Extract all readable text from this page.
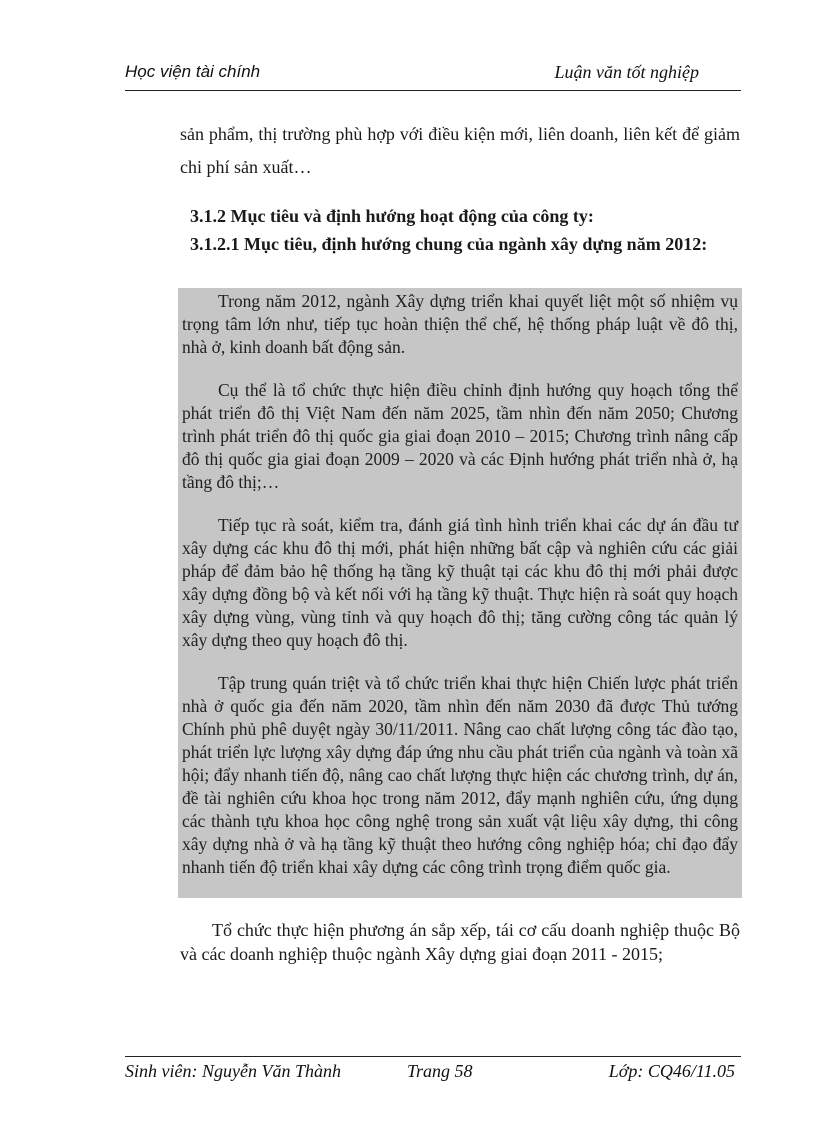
Học viện tài chính	Luận văn tốt nghiệp

sản phẩm, thị trường phù hợp với điều kiện mới, liên doanh, liên kết để giảm chi phí sản xuất…

3.1.2 Mục tiêu và định hướng hoạt động của công ty:

3.1.2.1 Mục tiêu, định hướng chung của ngành xây dựng năm 2012:

Trong năm 2012, ngành Xây dựng triển khai quyết liệt một số nhiệm vụ trọng tâm lớn như, tiếp tục hoàn thiện thể chế, hệ thống pháp luật về đô thị, nhà ở, kinh doanh bất động sản.

Cụ thể là tổ chức thực hiện điều chỉnh định hướng quy hoạch tổng thể phát triển đô thị Việt Nam đến năm 2025, tầm nhìn đến năm 2050; Chương trình phát triển đô thị quốc gia giai đoạn 2010 – 2015; Chương trình nâng cấp đô thị quốc gia giai đoạn 2009 – 2020 và các Định hướng phát triển nhà ở, hạ tầng đô thị;…

Tiếp tục rà soát, kiểm tra, đánh giá tình hình triển khai các dự án đầu tư xây dựng các khu đô thị mới, phát hiện những bất cập và nghiên cứu các giải pháp để đảm bảo hệ thống hạ tầng kỹ thuật tại các khu đô thị mới phải được xây dựng đồng bộ và kết nối với hạ tầng kỹ thuật. Thực hiện rà soát quy hoạch xây dựng vùng, vùng tỉnh và quy hoạch đô thị; tăng cường công tác quản lý xây dựng theo quy hoạch đô thị.

Tập trung quán triệt và tổ chức triển khai thực hiện Chiến lược phát triển nhà ở quốc gia đến năm 2020, tầm nhìn đến năm 2030 đã được Thủ tướng Chính phủ phê duyệt ngày 30/11/2011. Nâng cao chất lượng công tác đào tạo, phát triển lực lượng xây dựng đáp ứng nhu cầu phát triển của ngành và toàn xã hội; đẩy nhanh tiến độ, nâng cao chất lượng thực hiện các chương trình, dự án, đề tài nghiên cứu khoa học trong năm 2012, đẩy mạnh nghiên cứu, ứng dụng các thành tựu khoa học công nghệ trong sản xuất vật liệu xây dựng, thi công xây dựng nhà ở và hạ tầng kỹ thuật theo hướng công nghiệp hóa; chỉ đạo đẩy nhanh tiến độ triển khai xây dựng các công trình trọng điểm quốc gia.

Tổ chức thực hiện phương án sắp xếp, tái cơ cấu doanh nghiệp thuộc Bộ và các doanh nghiệp thuộc ngành Xây dựng giai đoạn 2011 - 2015;

Sinh viên: Nguyễn Văn Thành	Trang 58	Lớp: CQ46/11.05
